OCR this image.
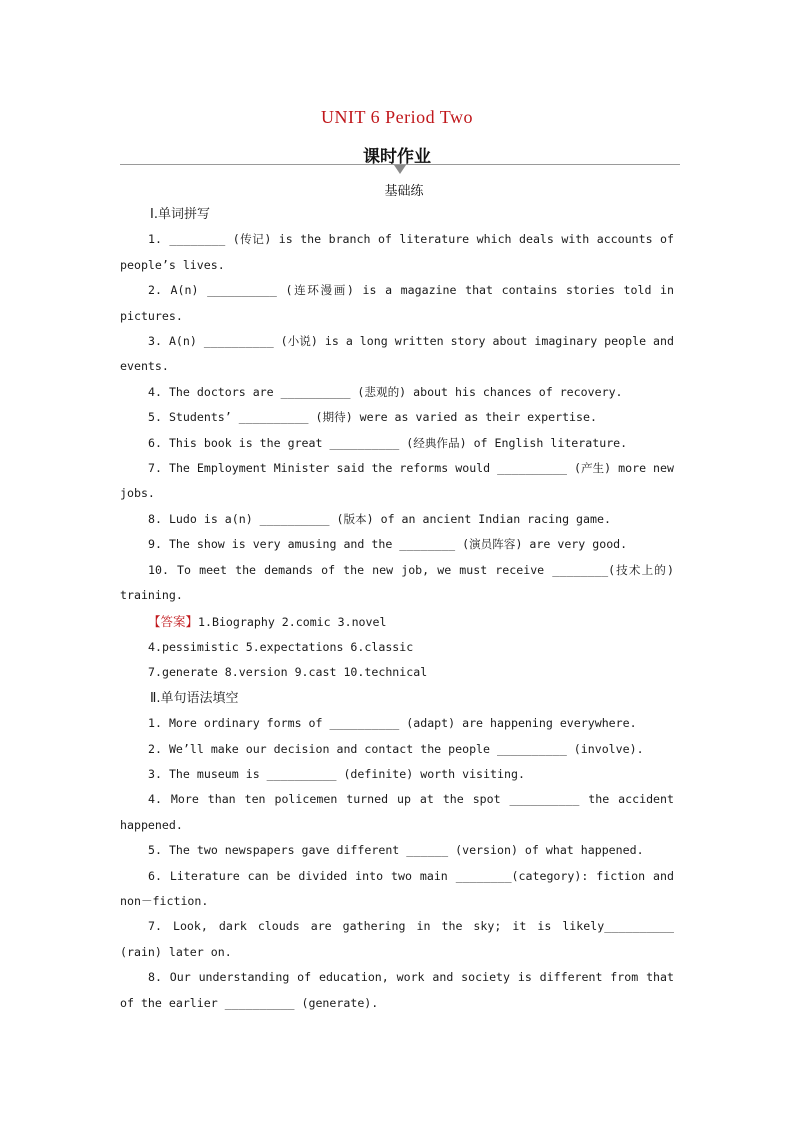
UNIT 6 Period Two
课时作业
基础练
Ⅰ.单词拼写
1. ________ (传记) is the branch of literature which deals with accounts of people’s lives.
2. A(n) __________ (连环漫画) is a magazine that contains stories told in pictures.
3. A(n) __________ (小说) is a long written story about imaginary people and events.
4. The doctors are __________ (悲观的) about his chances of recovery.
5. Students’ __________ (期待) were as varied as their expertise.
6. This book is the great __________ (经典作品) of English literature.
7. The Employment Minister said the reforms would __________ (产生) more new jobs.
8. Ludo is a(n) __________ (版本) of an ancient Indian racing game.
9. The show is very amusing and the ________ (演员阵容) are very good.
10. To meet the demands of the new job, we must receive ________(技术上的) training.
【答案】1.Biography 2.comic 3.novel
4.pessimistic 5.expectations 6.classic
7.generate 8.version 9.cast 10.technical
Ⅱ.单句语法填空
1. More ordinary forms of __________ (adapt) are happening everywhere.
2. We’ll make our decision and contact the people __________ (involve).
3. The museum is __________ (definite) worth visiting.
4. More than ten policemen turned up at the spot __________ the accident happened.
5. The two newspapers gave different ______ (version) of what happened.
6. Literature can be divided into two main ________(category): fiction and non－fiction.
7. Look, dark clouds are gathering in the sky; it is likely__________ (rain) later on.
8. Our understanding of education, work and society is different from that of the earlier __________ (generate).
